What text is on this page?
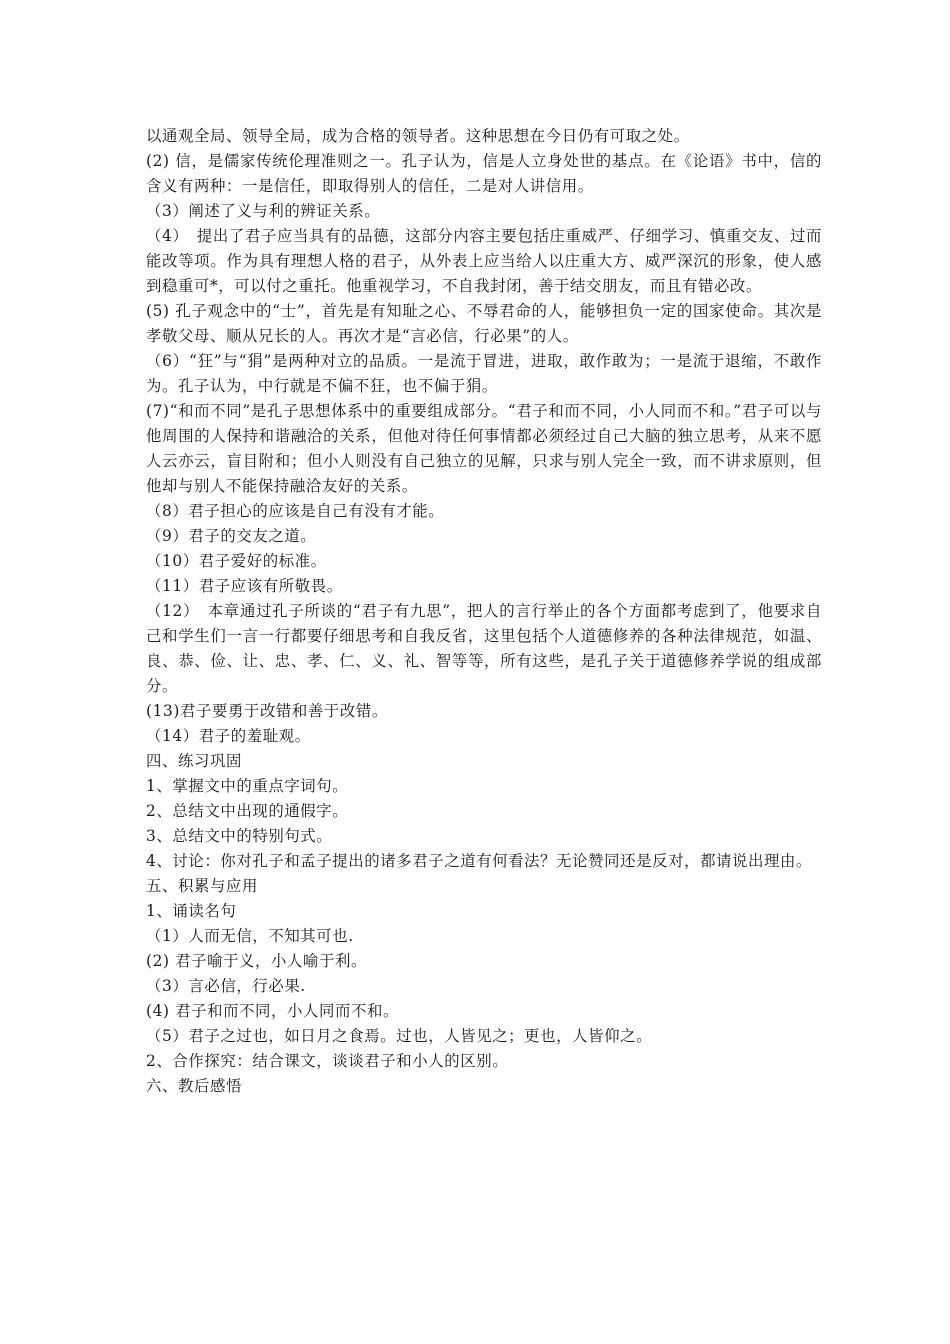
以通观全局、领导全局，成为合格的领导者。这种思想在今日仍有可取之处。

(2) 信，是儒家传统伦理准则之一。孔子认为，信是人立身处世的基点。在《论语》书中，信的含义有两种：一是信任，即取得别人的信任，二是对人讲信用。

（3）阐述了义与利的辨证关系。

（4）　提出了君子应当具有的品德，这部分内容主要包括庄重威严、仔细学习、慎重交友、过而能改等项。作为具有理想人格的君子，从外表上应当给人以庄重大方、威严深沉的形象，使人感到稳重可*，可以付之重托。他重视学习，不自我封闭，善于结交朋友，而且有错必改。

(5) 孔子观念中的“士”，首先是有知耻之心、不辱君命的人，能够担负一定的国家使命。其次是孝敬父母、顺从兄长的人。再次才是“言必信，行必果”的人。

（6）“狂”与“狷”是两种对立的品质。一是流于冒进，进取，敢作敢为；一是流于退缩，不敢作为。孔子认为，中行就是不偏不狂，也不偏于狷。

(7)“和而不同”是孔子思想体系中的重要组成部分。“君子和而不同，小人同而不和。”君子可以与他周围的人保持和谐融洽的关系，但他对待任何事情都必须经过自己大脑的独立思考，从来不愿人云亦云，盲目附和；但小人则没有自己独立的见解，只求与别人完全一致，而不讲求原则，但他却与别人不能保持融洽友好的关系。

（8）君子担心的应该是自己有没有才能。

（9）君子的交友之道。

（10）君子爱好的标准。

（11）君子应该有所敬畏。

（12）　本章通过孔子所谈的“君子有九思”，把人的言行举止的各个方面都考虑到了，他要求自己和学生们一言一行都要仔细思考和自我反省，这里包括个人道德修养的各种法律规范，如温、良、恭、俭、让、忠、孝、仁、义、礼、智等等，所有这些，是孔子关于道德修养学说的组成部分。

(13)君子要勇于改错和善于改错。

（14）君子的羞耻观。

四、练习巩固

1、掌握文中的重点字词句。

2、总结文中出现的通假字。

3、总结文中的特别句式。

4、讨论：你对孔子和孟子提出的诸多君子之道有何看法？无论赞同还是反对，都请说出理由。

五、积累与应用

1、诵读名句

（1）人而无信，不知其可也.

(2) 君子喻于义，小人喻于利。

（3）言必信，行必果.

(4) 君子和而不同，小人同而不和。

（5）君子之过也，如日月之食焉。过也，人皆见之；更也，人皆仰之。

2、合作探究：结合课文，谈谈君子和小人的区别。

六、教后感悟
